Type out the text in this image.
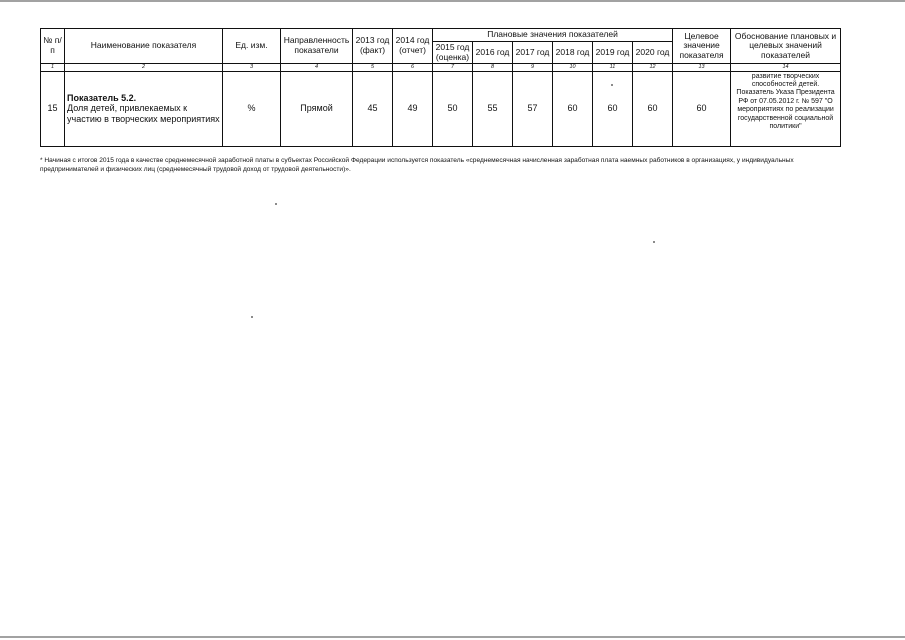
№ п/п	Наименование показателя	Ед. изм.	Направленность показатели	2013 год (факт)	2014 год (отчет)	Плановые значения показателей						Целевое значение показателя	Обоснование плановых и целевых значений показателей
						2015 год (оценка)	2016 год	2017 год	2018 год	2019 год	2020 год		
1	2	3	4	5	6	7	8	9	10	11	12	13	14
15	Показатель 5.2.
Доля детей, привлекаемых к участию в творческих мероприятиях	%	Прямой	45	49	50	55	57	60	60	60	60	развитие творческих способностей детей. Показатель Указа Президента РФ от 07.05.2012 г. № 597 "О мероприятиях по реализации государственной социальной политики"
* Начиная с итогов 2015 года в качестве среднемесячной заработной платы в субъектах Российской Федерации используется показатель «среднемесячная начисленная заработная плата наемных работников в организациях, у индивидуальных предпринимателей и физических лиц (среднемесячный трудовой доход от трудовой деятельности)».
